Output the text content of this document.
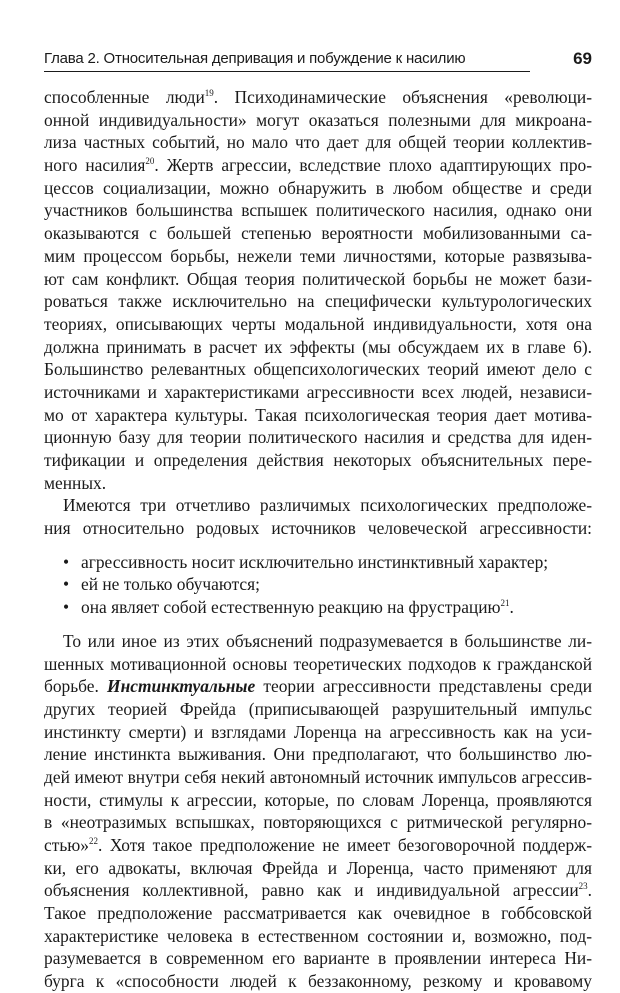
Глава 2. Относительная депривация и побуждение к насилию	69
способленные люди$^{19}$. Психодинамические объяснения «революци-
онной индивидуальности» могут оказаться полезными для микроана-
лиза частных событий, но мало что дает для общей теории коллектив-
ного насилия$^{20}$. Жертв агрессии, вследствие плохо адаптирующих про-
цессов социализации, можно обнаружить в любом обществе и среди
участников большинства вспышек политического насилия, однако они
оказываются с большей степенью вероятности мобилизованными са-
мим процессом борьбы, нежели теми личностями, которые развязыва-
ют сам конфликт. Общая теория политической борьбы не может бази-
роваться также исключительно на специфически культурологических
теориях, описывающих черты модальной индивидуальности, хотя она
должна принимать в расчет их эффекты (мы обсуждаем их в главе 6).
Большинство релевантных общепсихологических теорий имеют дело с
источниками и характеристиками агрессивности всех людей, независи-
мо от характера культуры. Такая психологическая теория дает мотива-
ционную базу для теории политического насилия и средства для иден-
тификации и определения действия некоторых объяснительных пере-
менных.
Имеются три отчетливо различимых психологических предположе-
ния относительно родовых источников человеческой агрессивности:
• агрессивность носит исключительно инстинктивный характер;
• ей не только обучаются;
• она являет собой естественную реакцию на фрустрацию$^{21}$.
То или иное из этих объяснений подразумевается в большинстве ли-
шенных мотивационной основы теоретических подходов к гражданской
борьбе. Инстинктуальные теории агрессивности представлены среди
других теорией Фрейда (приписывающей разрушительный импульс
инстинкту смерти) и взглядами Лоренца на агрессивность как на уси-
ление инстинкта выживания. Они предполагают, что большинство лю-
дей имеют внутри себя некий автономный источник импульсов агрессив-
ности, стимулы к агрессии, которые, по словам Лоренца, проявляются
в «неотразимых вспышках, повторяющихся с ритмической регулярно-
стью»$^{22}$. Хотя такое предположение не имеет безоговорочной поддерж-
ки, его адвокаты, включая Фрейда и Лоренца, часто применяют для
объяснения коллективной, равно как и индивидуальной агрессии$^{23}$.
Такое предположение рассматривается как очевидное в гоббсовской
характеристике человека в естественном состоянии и, возможно, под-
разумевается в современном его варианте в проявлении интереса Ни-
бурга к «способности людей к беззаконному, резкому и кровавому
